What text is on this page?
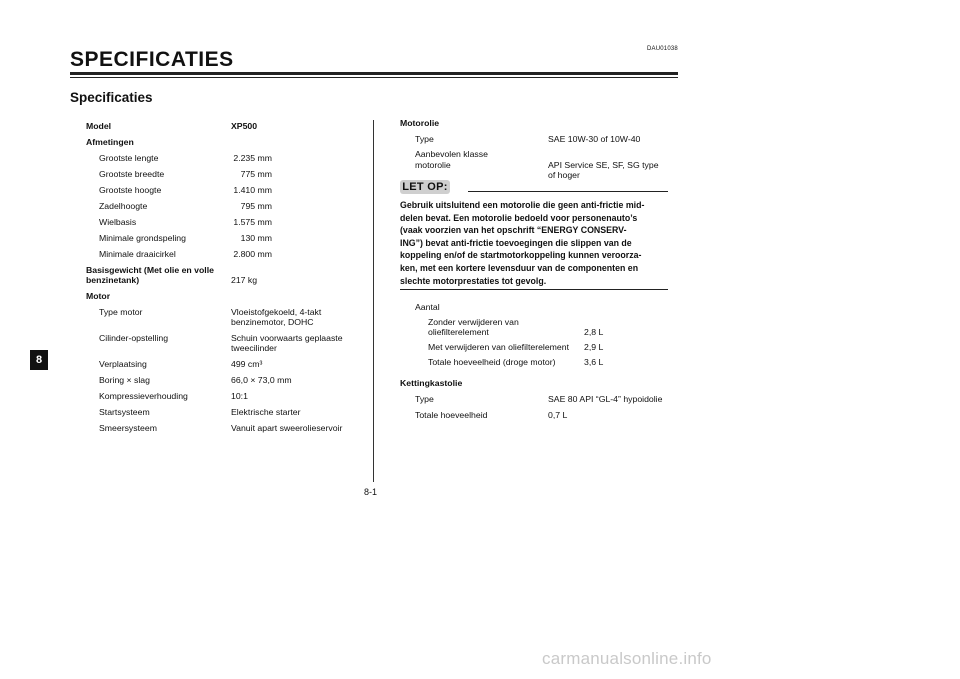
DAU01038
SPECIFICATIES
Specificaties
8
8-1
Model	XP500
Afmetingen
Grootste lengte	2.235 mm
Grootste breedte	775 mm
Grootste hoogte	1.410 mm
Zadelhoogte	795 mm
Wielbasis	1.575 mm
Minimale grondspeling	130 mm
Minimale draaicirkel	2.800 mm
Basisgewicht (Met olie en volle
benzinetank)	217 kg
Motor
Type motor	Vloeistofgekoeld, 4-takt
benzinemotor, DOHC
Cilinder-opstelling	Schuin voorwaarts geplaaste
tweecilinder
Verplaatsing	499 cm³
Boring × slag	66,0 × 73,0 mm
Kompressieverhouding	10:1
Startsysteem	Elektrische starter
Smeersysteem	Vanuit apart sweerolieservoir
Motorolie
Type	SAE 10W-30 of 10W-40
Aanbevolen klasse
motorolie	API Service SE, SF, SG type
of hoger
LET OP:
Gebruik uitsluitend een motorolie die geen anti-frictie mid-
delen bevat. Een motorolie bedoeld voor personenauto’s
(vaak voorzien van het opschrift “ENERGY CONSERV-
ING”) bevat anti-frictie toevoegingen die slippen van de
koppeling en/of de startmotorkoppeling kunnen veroorza-
ken, met een kortere levensduur van de componenten en
slechte motorprestaties tot gevolg.
Aantal
Zonder verwijderen van
oliefilterelement	2,8 L
Met verwijderen van oliefilterelement 2,9 L
Totale hoeveelheid (droge motor)	3,6 L
Kettingkastolie
Type	SAE 80 API “GL-4” hypoidolie
Totale hoeveelheid	0,7 L
carmanualsonline.info
